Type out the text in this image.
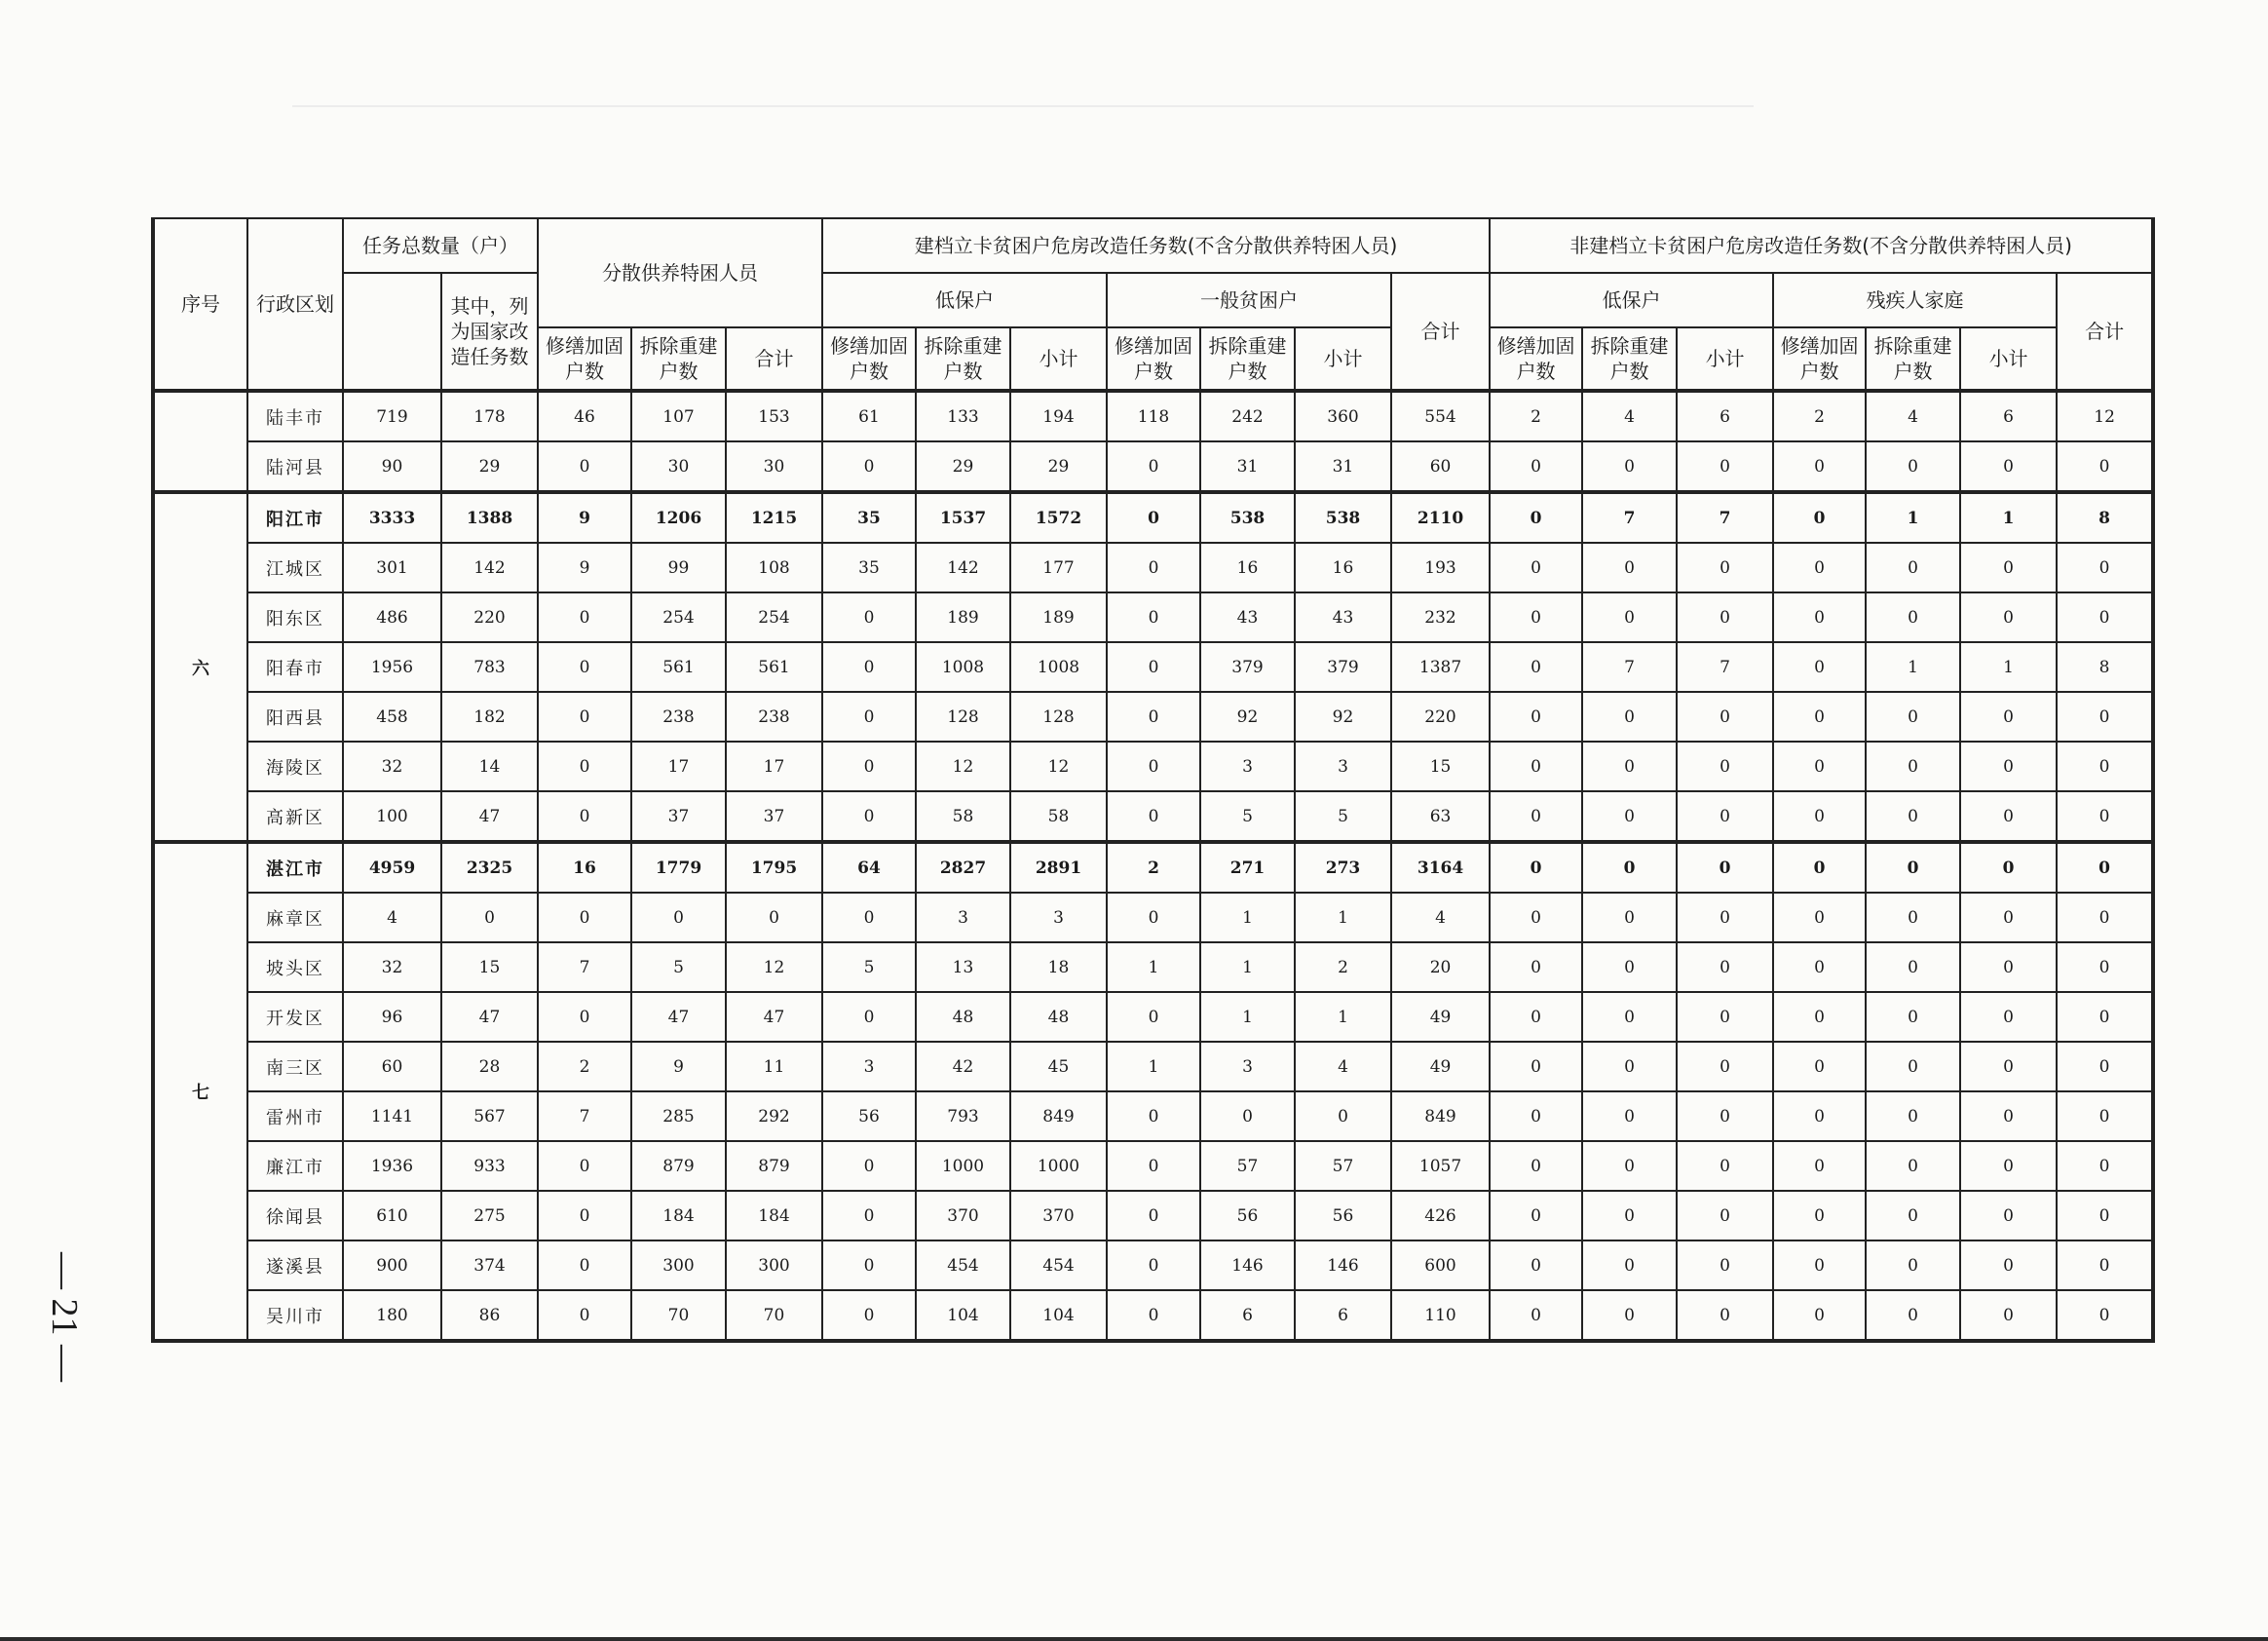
序号	行政区划	任务总数量（户）		分散供养特困人员			建档立卡贫困户危房改造任务数(不含分散供养特困人员)							非建档立卡贫困户危房改造任务数(不含分散供养特困人员)						
			其中，列为国家改造任务数				低保户			一般贫困户			合计	低保户			残疾人家庭			合计
				修缮加固户数	拆除重建户数	合计	修缮加固户数	拆除重建户数	小计	修缮加固户数	拆除重建户数	小计		修缮加固户数	拆除重建户数	小计	修缮加固户数	拆除重建户数	小计	
	陆丰市	719	178	46	107	153	61	133	194	118	242	360	554	2	4	6	2	4	6	12
	陆河县	90	29	0	30	30	0	29	29	0	31	31	60	0	0	0	0	0	0	0
六	阳江市	3333	1388	9	1206	1215	35	1537	1572	0	538	538	2110	0	7	7	0	1	1	8
	江城区	301	142	9	99	108	35	142	177	0	16	16	193	0	0	0	0	0	0	0
	阳东区	486	220	0	254	254	0	189	189	0	43	43	232	0	0	0	0	0	0	0
	阳春市	1956	783	0	561	561	0	1008	1008	0	379	379	1387	0	7	7	0	1	1	8
	阳西县	458	182	0	238	238	0	128	128	0	92	92	220	0	0	0	0	0	0	0
	海陵区	32	14	0	17	17	0	12	12	0	3	3	15	0	0	0	0	0	0	0
	高新区	100	47	0	37	37	0	58	58	0	5	5	63	0	0	0	0	0	0	0
七	湛江市	4959	2325	16	1779	1795	64	2827	2891	2	271	273	3164	0	0	0	0	0	0	0
	麻章区	4	0	0	0	0	0	3	3	0	1	1	4	0	0	0	0	0	0	0
	坡头区	32	15	7	5	12	5	13	18	1	1	2	20	0	0	0	0	0	0	0
	开发区	96	47	0	47	47	0	48	48	0	1	1	49	0	0	0	0	0	0	0
	南三区	60	28	2	9	11	3	42	45	1	3	4	49	0	0	0	0	0	0	0
	雷州市	1141	567	7	285	292	56	793	849	0	0	0	849	0	0	0	0	0	0	0
	廉江市	1936	933	0	879	879	0	1000	1000	0	57	57	1057	0	0	0	0	0	0	0
	徐闻县	610	275	0	184	184	0	370	370	0	56	56	426	0	0	0	0	0	0	0
	遂溪县	900	374	0	300	300	0	454	454	0	146	146	600	0	0	0	0	0	0	0
	吴川市	180	86	0	70	70	0	104	104	0	6	6	110	0	0	0	0	0	0	0
— 21 —
